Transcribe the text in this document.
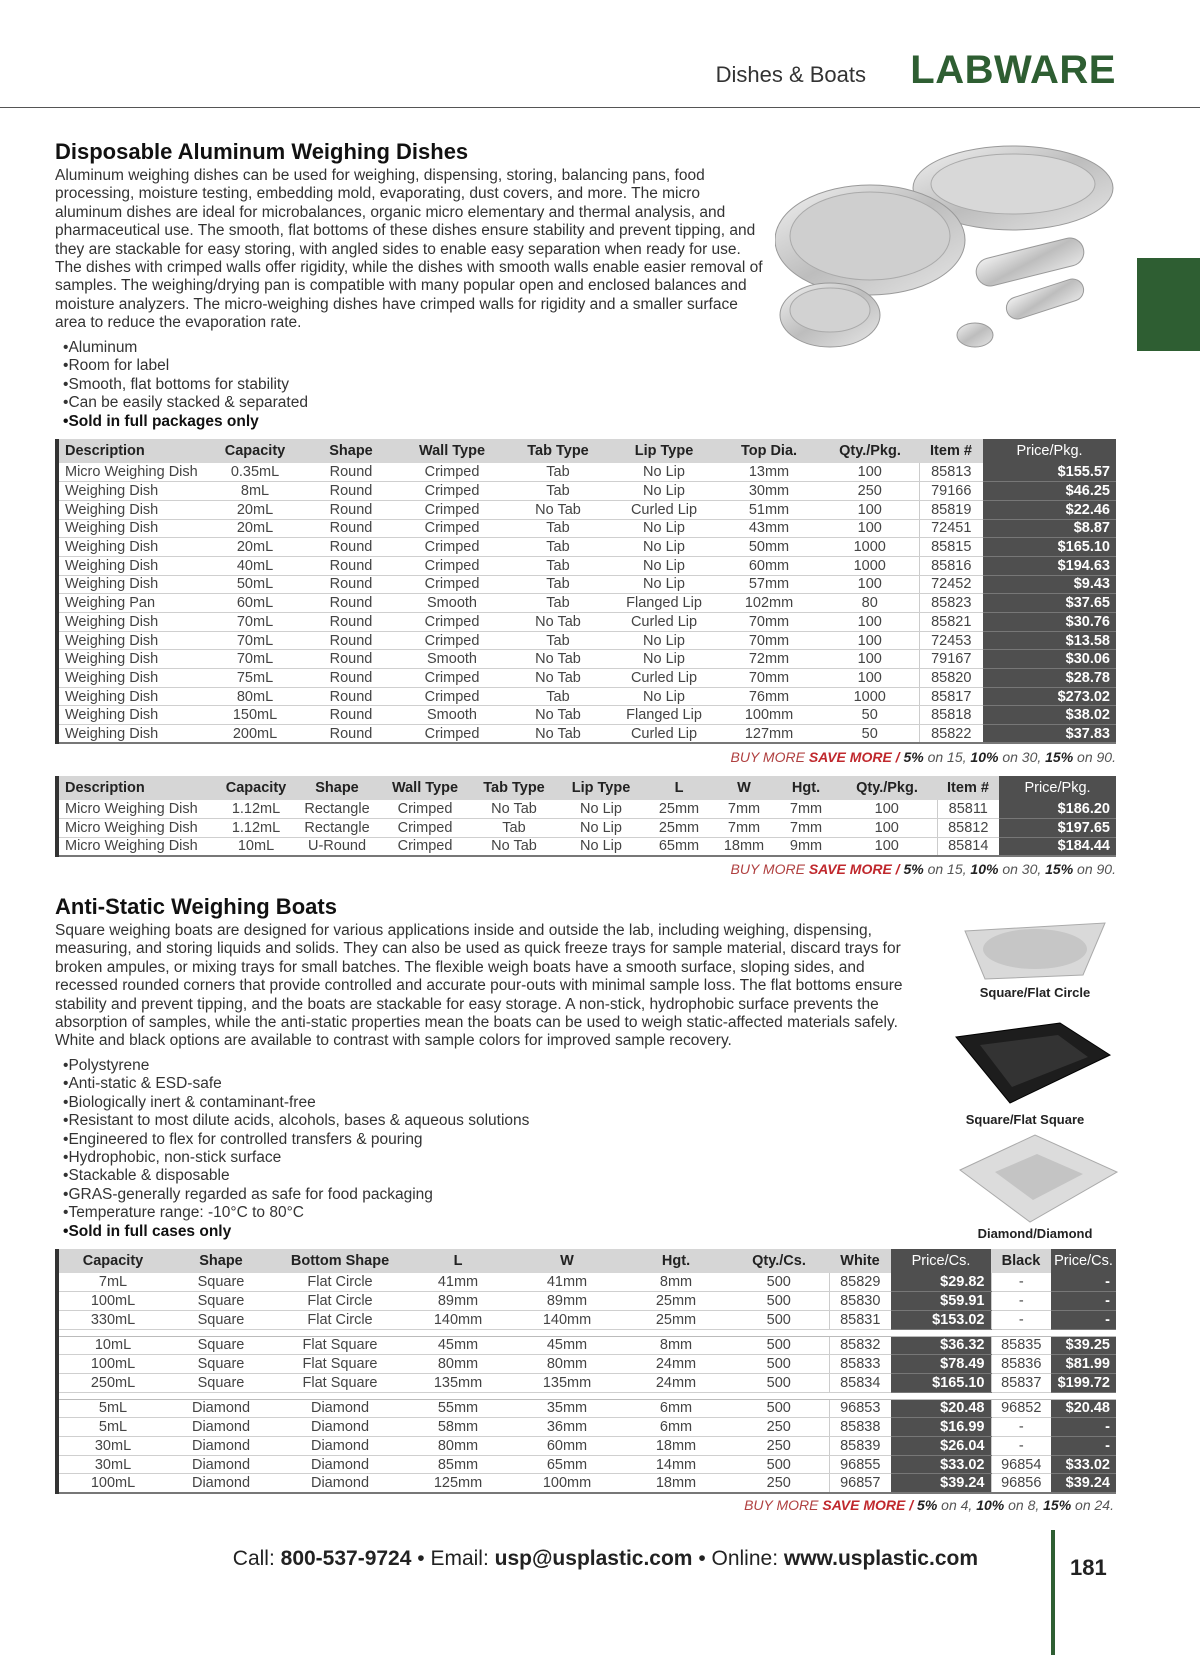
Dishes & Boats LABWARE
Disposable Aluminum Weighing Dishes

Aluminum weighing dishes can be used for weighing, dispensing, storing, balancing pans, food processing, moisture testing, embedding mold, evaporating, dust covers, and more. The micro aluminum dishes are ideal for microbalances, organic micro elementary and thermal analysis, and pharmaceutical use. The smooth, flat bottoms of these dishes ensure stability and prevent tipping, and they are stackable for easy storing, with angled sides to enable easy separation when ready for use. The dishes with crimped walls offer rigidity, while the dishes with smooth walls enable easier removal of samples. The weighing/drying pan is compatible with many popular open and enclosed balances and moisture analyzers. The micro-weighing dishes have crimped walls for rigidity and a smaller surface area to reduce the evaporation rate.

• Aluminum
• Room for label
• Smooth, flat bottoms for stability
• Can be easily stacked & separated
• Sold in full packages only
Description	Capacity	Shape	Wall Type	Tab Type	Lip Type	Top Dia.	Qty./Pkg.	Item #	Price/Pkg.
Micro Weighing Dish	0.35mL	Round	Crimped	Tab	No Lip	13mm	100	85813	$155.57
Weighing Dish	8mL	Round	Crimped	Tab	No Lip	30mm	250	79166	$46.25
Weighing Dish	20mL	Round	Crimped	No Tab	Curled Lip	51mm	100	85819	$22.46
Weighing Dish	20mL	Round	Crimped	Tab	No Lip	43mm	100	72451	$8.87
Weighing Dish	20mL	Round	Crimped	Tab	No Lip	50mm	1000	85815	$165.10
Weighing Dish	40mL	Round	Crimped	Tab	No Lip	60mm	1000	85816	$194.63
Weighing Dish	50mL	Round	Crimped	Tab	No Lip	57mm	100	72452	$9.43
Weighing Pan	60mL	Round	Smooth	Tab	Flanged Lip	102mm	80	85823	$37.65
Weighing Dish	70mL	Round	Crimped	No Tab	Curled Lip	70mm	100	85821	$30.76
Weighing Dish	70mL	Round	Crimped	Tab	No Lip	70mm	100	72453	$13.58
Weighing Dish	70mL	Round	Smooth	No Tab	No Lip	72mm	100	79167	$30.06
Weighing Dish	75mL	Round	Crimped	No Tab	Curled Lip	70mm	100	85820	$28.78
Weighing Dish	80mL	Round	Crimped	Tab	No Lip	76mm	1000	85817	$273.02
Weighing Dish	150mL	Round	Smooth	No Tab	Flanged Lip	100mm	50	85818	$38.02
Weighing Dish	200mL	Round	Crimped	No Tab	Curled Lip	127mm	50	85822	$37.83
BUY MORE SAVE MORE / 5% on 15, 10% on 30, 15% on 90.
Description	Capacity	Shape	Wall Type	Tab Type	Lip Type	L	W	Hgt.	Qty./Pkg.	Item #	Price/Pkg.
Micro Weighing Dish	1.12mL	Rectangle	Crimped	No Tab	No Lip	25mm	7mm	7mm	100	85811	$186.20
Micro Weighing Dish	1.12mL	Rectangle	Crimped	Tab	No Lip	25mm	7mm	7mm	100	85812	$197.65
Micro Weighing Dish	10mL	U-Round	Crimped	No Tab	No Lip	65mm	18mm	9mm	100	85814	$184.44
BUY MORE SAVE MORE / 5% on 15, 10% on 30, 15% on 90.
Anti-Static Weighing Boats

Square weighing boats are designed for various applications inside and outside the lab, including weighing, dispensing, measuring, and storing liquids and solids. They can also be used as quick freeze trays for sample material, discard trays for broken ampules, or mixing trays for small batches. The flexible weigh boats have a smooth surface, sloping sides, and recessed rounded corners that provide controlled and accurate pour-outs with minimal sample loss. The flat bottoms ensure stability and prevent tipping, and the boats are stackable for easy storage. A non-stick, hydrophobic surface prevents the absorption of samples, while the anti-static properties mean the boats can be used to weigh static-affected materials safely. White and black options are available to contrast with sample colors for improved sample recovery.

• Polystyrene
• Anti-static & ESD-safe
• Biologically inert & contaminant-free
• Resistant to most dilute acids, alcohols, bases & aqueous solutions
• Engineered to flex for controlled transfers & pouring
• Hydrophobic, non-stick surface
• Stackable & disposable
• GRAS-generally regarded as safe for food packaging
• Temperature range: -10°C to 80°C
• Sold in full cases only
Square/Flat Circle
Square/Flat Square
Diamond/Diamond
Capacity	Shape	Bottom Shape	L	W	Hgt.	Qty./Cs.	White	Price/Cs.	Black	Price/Cs.
7mL	Square	Flat Circle	41mm	41mm	8mm	500	85829	$29.82	-	-
100mL	Square	Flat Circle	89mm	89mm	25mm	500	85830	$59.91	-	-
330mL	Square	Flat Circle	140mm	140mm	25mm	500	85831	$153.02	-	-

10mL	Square	Flat Square	45mm	45mm	8mm	500	85832	$36.32	85835	$39.25
100mL	Square	Flat Square	80mm	80mm	24mm	500	85833	$78.49	85836	$81.99
250mL	Square	Flat Square	135mm	135mm	24mm	500	85834	$165.10	85837	$199.72

5mL	Diamond	Diamond	55mm	35mm	6mm	500	96853	$20.48	96852	$20.48
5mL	Diamond	Diamond	58mm	36mm	6mm	250	85838	$16.99	-	-
30mL	Diamond	Diamond	80mm	60mm	18mm	250	85839	$26.04	-	-
30mL	Diamond	Diamond	85mm	65mm	14mm	500	96855	$33.02	96854	$33.02
100mL	Diamond	Diamond	125mm	100mm	18mm	250	96857	$39.24	96856	$39.24
BUY MORE SAVE MORE / 5% on 4, 10% on 8, 15% on 24.
Call: 800-537-9724 • Email: usp@usplastic.com • Online: www.usplastic.com	181
